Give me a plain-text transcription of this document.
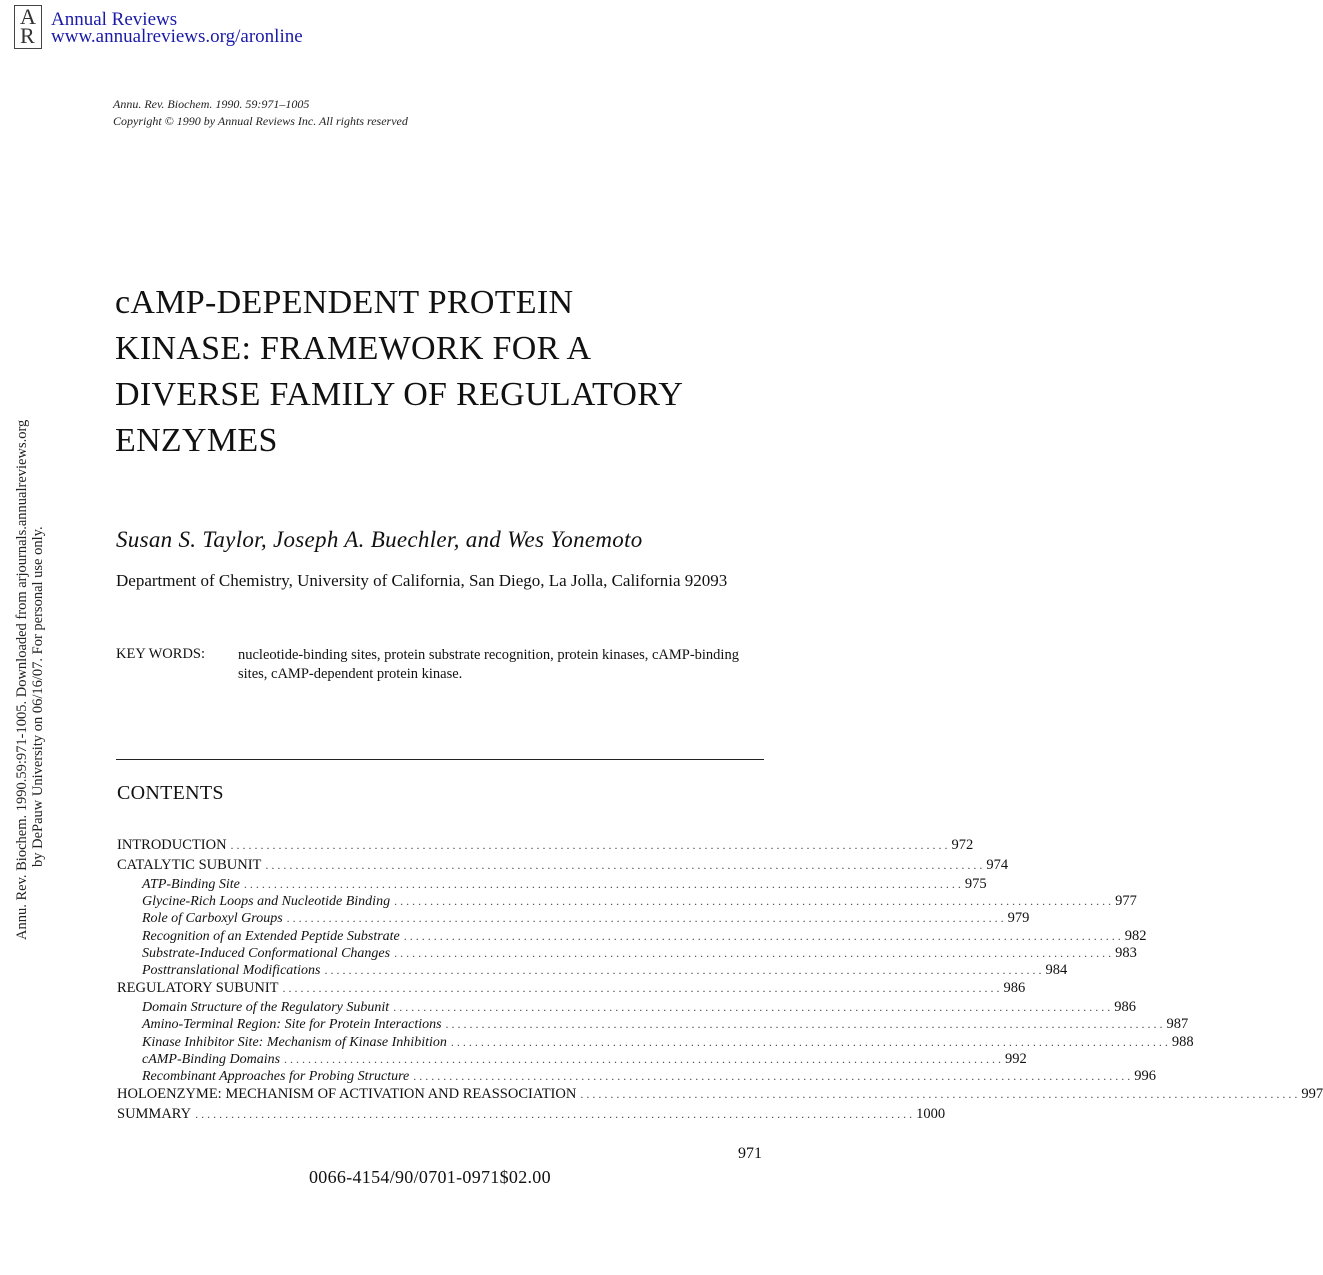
A
R
Annual Reviews
www.annualreviews.org/aronline
Annu. Rev. Biochem. 1990.59:971-1005. Downloaded from arjournals.annualreviews.org by DePauw University on 06/16/07. For personal use only.
Annu. Rev. Biochem. 1990. 59:971–1005
Copyright © 1990 by Annual Reviews Inc. All rights reserved
cAMP-DEPENDENT PROTEIN
KINASE: FRAMEWORK FOR A
DIVERSE FAMILY OF REGULATORY
ENZYMES
Susan S. Taylor, Joseph A. Buechler, and Wes Yonemoto
Department of Chemistry, University of California, San Diego, La Jolla, California 92093
KEY WORDS: nucleotide-binding sites, protein substrate recognition, protein kinases, cAMP-binding sites, cAMP-dependent protein kinase.
CONTENTS
INTRODUCTION . . . . . . . . . . . . . . . . . . . . . . . . . . . . . . . . . . . . . . . . . . . . . . . . . . . . . . . . . . . . . . . . . . . . . . . . . . . . . . . . . . . . . . . . . . . . . . . . . . . . . . . . . . . . . . . . . . . . . . . . 972
CATALYTIC SUBUNIT . . . . . . . . . . . . . . . . . . . . . . . . . . . . . . . . . . . . . . . . . . . . . . . . . . . . . . . . . . . . . . . . . . . . . . . . . . . . . . . . . . . . . . . . . . . . . . . . . . . . . . . . . . . . . . . . . . . . . . . . 974
ATP-Binding Site . . . . . . . . . . . . . . . . . . . . . . . . . . . . . . . . . . . . . . . . . . . . . . . . . . . . . . . . . . . . . . . . . . . . . . . . . . . . . . . . . . . . . . . . . . . . . . . . . . . . . . . . . . . . . . . . . . . . . . . . 975
Glycine-Rich Loops and Nucleotide Binding . . . . . . . . . . . . . . . . . . . . . . . . . . . . . . . . . . . . . . . . . . . . . . . . . . . . . . . . . . . . . . . . . . . . . . . . . . . . . . . . . . . . . . . . . . . . . . . . . . . . . . . . . . . . . . . . . . . . . . . . 977
Role of Carboxyl Groups . . . . . . . . . . . . . . . . . . . . . . . . . . . . . . . . . . . . . . . . . . . . . . . . . . . . . . . . . . . . . . . . . . . . . . . . . . . . . . . . . . . . . . . . . . . . . . . . . . . . . . . . . . . . . . . . . . . . . . . . 979
Recognition of an Extended Peptide Substrate . . . . . . . . . . . . . . . . . . . . . . . . . . . . . . . . . . . . . . . . . . . . . . . . . . . . . . . . . . . . . . . . . . . . . . . . . . . . . . . . . . . . . . . . . . . . . . . . . . . . . . . . . . . . . . . . . . . . . . . . 982
Substrate-Induced Conformational Changes . . . . . . . . . . . . . . . . . . . . . . . . . . . . . . . . . . . . . . . . . . . . . . . . . . . . . . . . . . . . . . . . . . . . . . . . . . . . . . . . . . . . . . . . . . . . . . . . . . . . . . . . . . . . . . . . . . . . . . . . 983
Posttranslational Modifications . . . . . . . . . . . . . . . . . . . . . . . . . . . . . . . . . . . . . . . . . . . . . . . . . . . . . . . . . . . . . . . . . . . . . . . . . . . . . . . . . . . . . . . . . . . . . . . . . . . . . . . . . . . . . . . . . . . . . . . . 984
REGULATORY SUBUNIT . . . . . . . . . . . . . . . . . . . . . . . . . . . . . . . . . . . . . . . . . . . . . . . . . . . . . . . . . . . . . . . . . . . . . . . . . . . . . . . . . . . . . . . . . . . . . . . . . . . . . . . . . . . . . . . . . . . . . . . . 986
Domain Structure of the Regulatory Subunit . . . . . . . . . . . . . . . . . . . . . . . . . . . . . . . . . . . . . . . . . . . . . . . . . . . . . . . . . . . . . . . . . . . . . . . . . . . . . . . . . . . . . . . . . . . . . . . . . . . . . . . . . . . . . . . . . . . . . . . . 986
Amino-Terminal Region: Site for Protein Interactions . . . . . . . . . . . . . . . . . . . . . . . . . . . . . . . . . . . . . . . . . . . . . . . . . . . . . . . . . . . . . . . . . . . . . . . . . . . . . . . . . . . . . . . . . . . . . . . . . . . . . . . . . . . . . . . . . . . . . . . . 987
Kinase Inhibitor Site: Mechanism of Kinase Inhibition . . . . . . . . . . . . . . . . . . . . . . . . . . . . . . . . . . . . . . . . . . . . . . . . . . . . . . . . . . . . . . . . . . . . . . . . . . . . . . . . . . . . . . . . . . . . . . . . . . . . . . . . . . . . . . . . . . . . . . . . 988
cAMP-Binding Domains . . . . . . . . . . . . . . . . . . . . . . . . . . . . . . . . . . . . . . . . . . . . . . . . . . . . . . . . . . . . . . . . . . . . . . . . . . . . . . . . . . . . . . . . . . . . . . . . . . . . . . . . . . . . . . . . . . . . . . . . 992
Recombinant Approaches for Probing Structure . . . . . . . . . . . . . . . . . . . . . . . . . . . . . . . . . . . . . . . . . . . . . . . . . . . . . . . . . . . . . . . . . . . . . . . . . . . . . . . . . . . . . . . . . . . . . . . . . . . . . . . . . . . . . . . . . . . . . . . . 996
HOLOENZYME: MECHANISM OF ACTIVATION AND REASSOCIATION . . . . . . . . . . . . . . . . . . . . . . . . . . . . . . . . . . . . . . . . . . . . . . . . . . . . . . . . . . . . . . . . . . . . . . . . . . . . . . . . . . . . . . . . . . . . . . . . . . . . . . . . . . . . . . . . . . . . . . . . 997
SUMMARY . . . . . . . . . . . . . . . . . . . . . . . . . . . . . . . . . . . . . . . . . . . . . . . . . . . . . . . . . . . . . . . . . . . . . . . . . . . . . . . . . . . . . . . . . . . . . . . . . . . . . . . . . . . . . . . . . . . . . . . . 1000
971
0066-4154/90/0701-0971$02.00
